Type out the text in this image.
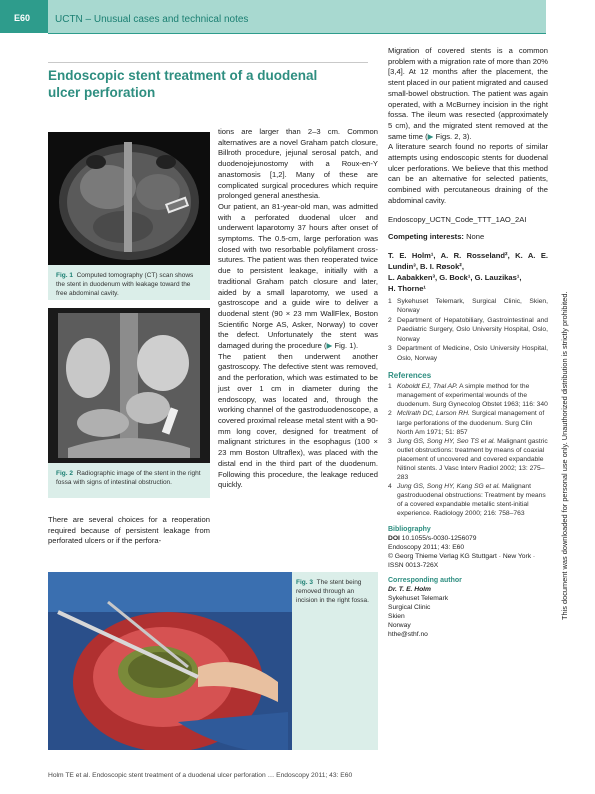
E60	UCTN – Unusual cases and technical notes
Endoscopic stent treatment of a duodenal ulcer perforation
Fig. 1 Computed tomography (CT) scan shows the stent in duodenum with leakage toward the free abdominal cavity.
Fig. 2 Radiographic image of the stent in the right fossa with signs of intestinal obstruction.

There are several choices for a reoperation required because of persistent leakage from perforated ulcers or if the perfora-

tions are larger than 2–3 cm. Common alternatives are a novel Graham patch closure, Billroth procedure, jejunal serosal patch, and duodenojejunostomy with a Roux-en-Y anastomosis [1,2]. Many of these are complicated surgical procedures which require prolonged general anesthesia.

Our patient, an 81-year-old man, was admitted with a perforated duodenal ulcer and underwent laparotomy 37 hours after onset of symptoms. The 0.5-cm, large perforation was closed with two resorbable polyfilament cross-sutures. The patient was then reoperated twice due to persistent leakage, initially with a traditional Graham patch closure and later, aided by a small laparotomy, we used a gastroscope and a guide wire to deliver a duodenal stent (90 × 23 mm WallFlex, Boston Scientific Norge AS, Asker, Norway) to cover the defect. Unfortunately the stent was damaged during the procedure (▶ Fig. 1).

The patient then underwent another gastroscopy. The defective stent was removed, and the perforation, which was estimated to be just over 1 cm in diameter during the endoscopy, was located and, through the working channel of the gastroduodenoscope, a covered proximal release metal stent with a 90-mm long cover, designed for treatment of malignant strictures in the esophagus (100 × 23 mm Boston Ultraflex), was placed with the distal end in the third part of the duodenum. Following this procedure, the leakage reduced quickly.

Fig. 3 The stent being removed through an incision in the right fossa.

Migration of covered stents is a common problem with a migration rate of more than 20% [3,4]. At 12 months after the placement, the stent placed in our patient migrated and caused small-bowel obstruction. The patient was again operated, with a McBurney incision in the right fossa. The ileum was resected (approximately 5 cm), and the migrated stent removed at the same time (▶ Figs. 2, 3).

A literature search found no reports of similar attempts using endoscopic stents for duodenal ulcer perforations. We believe that this method can be an alternative for selected patients, combined with percutaneous draining of the abdominal cavity.

Endoscopy_UCTN_Code_TTT_1AO_2AI

Competing interests: None

T. E. Holm¹, A. R. Rosseland², K. A. E. Lundin³, B. I. Røsok²,
L. Aabakken³, G. Bock¹, G. Lauzikas¹,
H. Thorne¹
1 Sykehuset Telemark, Surgical Clinic, Skien, Norway
2 Department of Hepatobiliary, Gastrointestinal and Paediatric Surgery, Oslo University Hospital, Oslo, Norway
3 Department of Medicine, Oslo University Hospital, Oslo, Norway
References
1 Koboldt EJ, Thal AP. A simple method for the management of experimental wounds of the duodenum. Surg Gynecolog Obstet 1963; 116: 340
2 McIlrath DC, Larson RH. Surgical management of large perforations of the duodenum. Surg Clin North Am 1971; 51: 857
3 Jung GS, Song HY, Seo TS et al. Malignant gastric outlet obstructions: treatment by means of coaxial placement of uncovered and covered expandable Nitinol stents. J Vasc Interv Radiol 2002; 13: 275–283
4 Jung GS, Song HY, Kang SG et al. Malignant gastroduodenal obstructions: Treatment by means of a covered expandable metallic stent-initial experience. Radiology 2000; 216: 758–763
Bibliography
DOI 10.1055/s-0030-1256079
Endoscopy 2011; 43: E60
© Georg Thieme Verlag KG Stuttgart · New York · ISSN 0013-726X
Corresponding author
Dr. T. E. Holm
Sykehuset Telemark
Surgical Clinic
Skien
Norway
hthe@sthf.no
This document was downloaded for personal use only. Unauthorized distribution is strictly prohibited.
Holm TE et al. Endoscopic stent treatment of a duodenal ulcer perforation … Endoscopy 2011; 43: E60
